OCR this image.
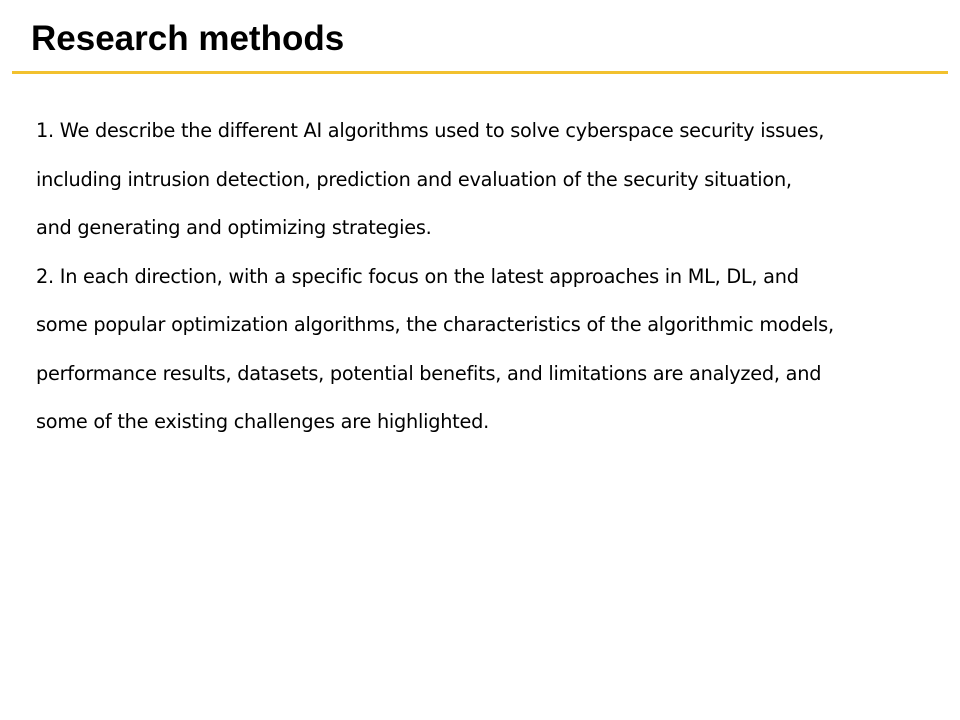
Research methods
1. We describe the different AI algorithms used to solve cyberspace security issues,
including intrusion detection, prediction and evaluation of the security situation,
and generating and optimizing strategies.
2. In each direction, with a specific focus on the latest approaches in ML, DL, and
some popular optimization algorithms, the characteristics of the algorithmic models,
performance results, datasets, potential benefits, and limitations are analyzed, and
some of the existing challenges are highlighted.
